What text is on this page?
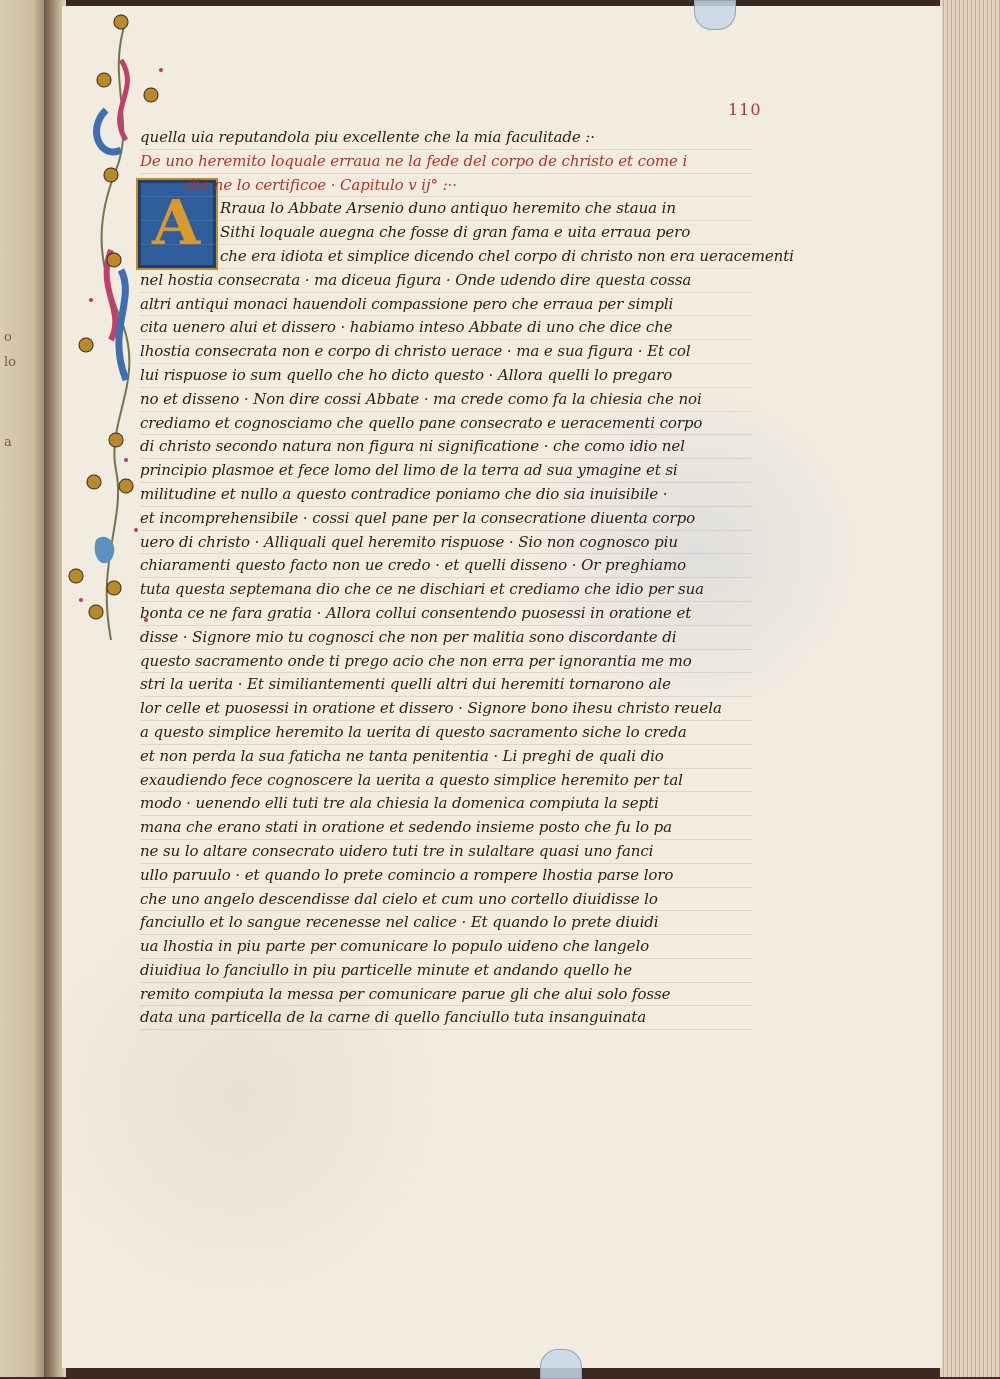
o
lo
a
110
A
quella uia reputandola piu excellente che la mia faculitade :·
De uno heremito loquale erraua ne la fede del corpo de christo et come i
dio ne lo certificoe · Capitulo v ij° :··
Rraua lo Abbate Arsenio duno antiquo heremito che staua in
Sithi loquale auegna che fosse di gran fama e uita erraua pero
che era idiota et simplice dicendo chel corpo di christo non era ueracementi
nel hostia consecrata · ma diceua figura · Onde udendo dire questa cossa
altri antiqui monaci hauendoli compassione pero che erraua per simpli
cita uenero alui et dissero · habiamo inteso Abbate di uno che dice che
lhostia consecrata non e corpo di christo uerace · ma e sua figura · Et col
lui rispuose io sum quello che ho dicto questo · Allora quelli lo pregaro
no et disseno · Non dire cossi Abbate · ma crede como fa la chiesia che noi
crediamo et cognosciamo che quello pane consecrato e ueracementi corpo
di christo secondo natura non figura ni significatione · che como idio nel
principio plasmoe et fece lomo del limo de la terra ad sua ymagine et si
militudine et nullo a questo contradice poniamo che dio sia inuisibile ·
et incomprehensibile · cossi quel pane per la consecratione diuenta corpo
uero di christo · Alliquali quel heremito rispuose · Sio non cognosco piu
chiaramenti questo facto non ue credo · et quelli disseno · Or preghiamo
tuta questa septemana dio che ce ne dischiari et crediamo che idio per sua
bonta ce ne fara gratia · Allora collui consentendo puosessi in oratione et
disse · Signore mio tu cognosci che non per malitia sono discordante di
questo sacramento onde ti prego acio che non erra per ignorantia me mo
stri la uerita · Et similiantementi quelli altri dui heremiti tornarono ale
lor celle et puosessi in oratione et dissero · Signore bono ihesu christo reuela
a questo simplice heremito la uerita di questo sacramento siche lo creda
et non perda la sua faticha ne tanta penitentia · Li preghi de quali dio
exaudiendo fece cognoscere la uerita a questo simplice heremito per tal
modo · uenendo elli tuti tre ala chiesia la domenica compiuta la septi
mana che erano stati in oratione et sedendo insieme posto che fu lo pa
ne su lo altare consecrato uidero tuti tre in sulaltare quasi uno fanci
ullo paruulo · et quando lo prete comincio a rompere lhostia parse loro
che uno angelo descendisse dal cielo et cum uno cortello diuidisse lo
fanciullo et lo sangue recenesse nel calice · Et quando lo prete diuidi
ua lhostia in piu parte per comunicare lo populo uideno che langelo
diuidiua lo fanciullo in piu particelle minute et andando quello he
remito compiuta la messa per comunicare parue gli che alui solo fosse
data una particella de la carne di quello fanciullo tuta insanguinata
